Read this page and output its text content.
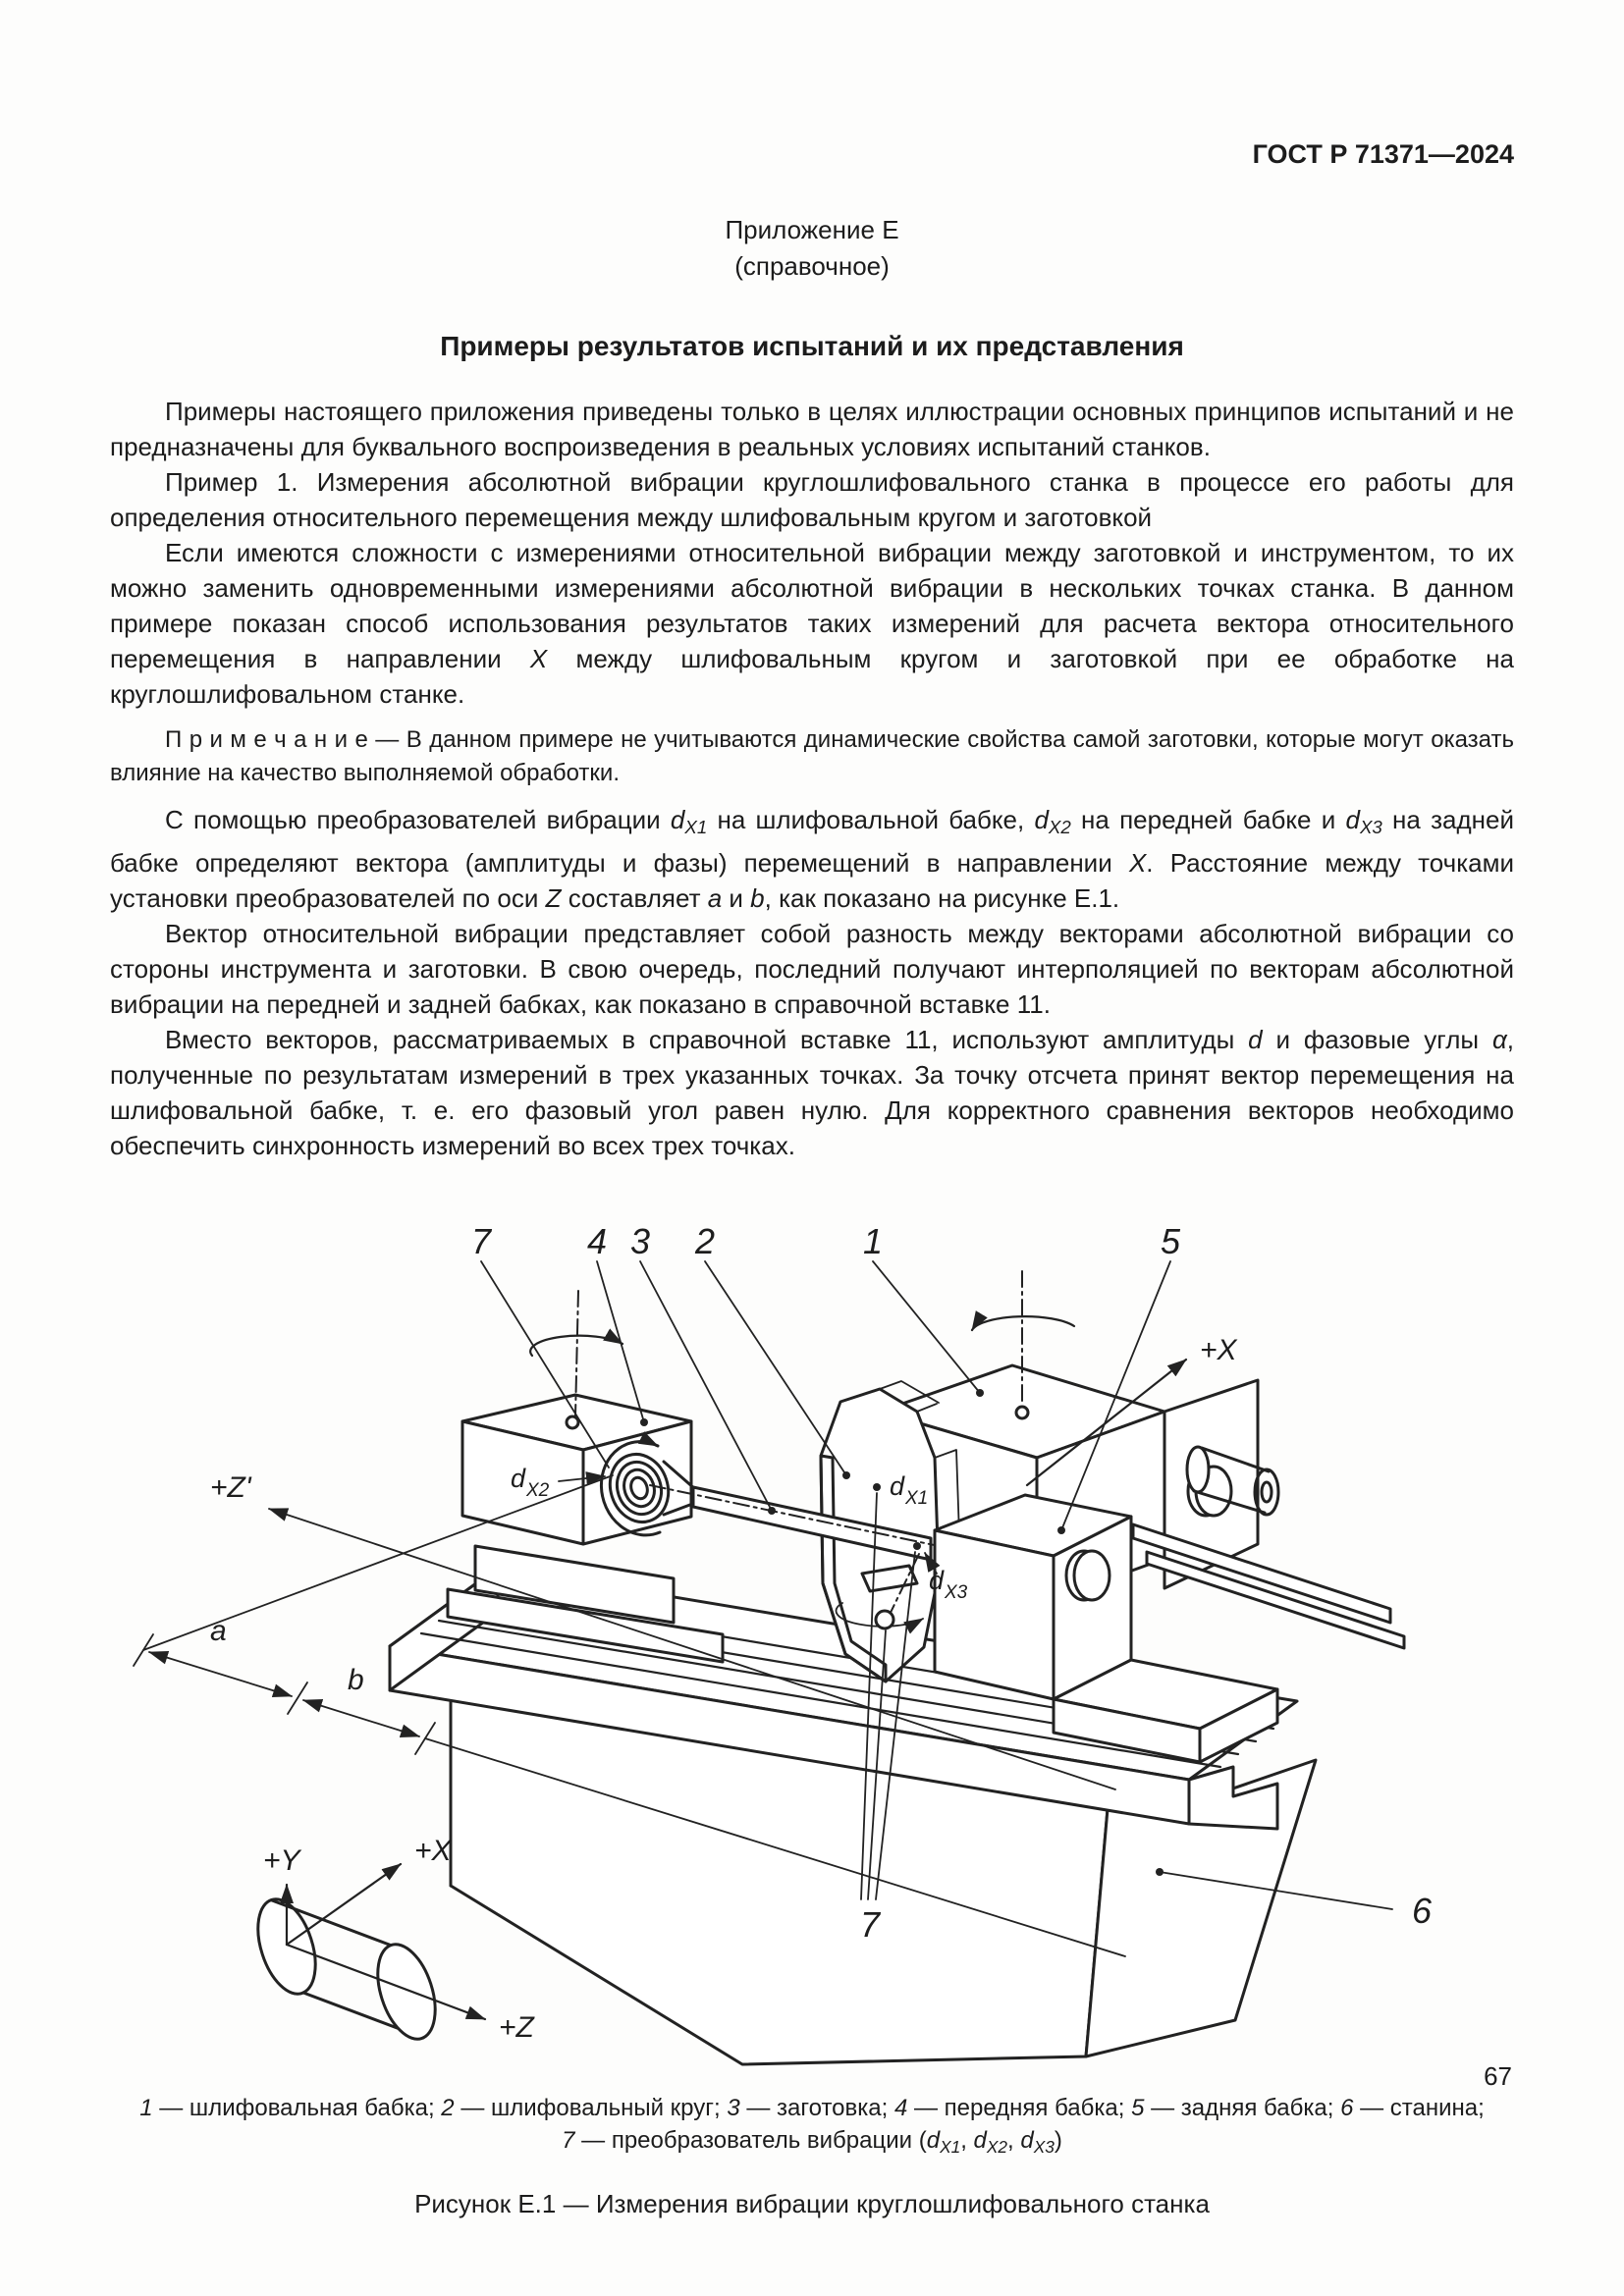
ГОСТ Р 71371—2024
Приложение Е
(справочное)
Примеры результатов испытаний и их представления

Примеры настоящего приложения приведены только в целях иллюстрации основных принципов испытаний и не предназначены для буквального воспроизведения в реальных условиях испытаний станков.

Пример 1. Измерения абсолютной вибрации круглошлифовального станка в процессе его работы для определения относительного перемещения между шлифовальным кругом и заготовкой

Если имеются сложности с измерениями относительной вибрации между заготовкой и инструментом, то их можно заменить одновременными измерениями абсолютной вибрации в нескольких точках станка. В данном примере показан способ использования результатов таких измерений для расчета вектора относительного перемещения в направлении X между шлифовальным кругом и заготовкой при ее обработке на круглошлифовальном станке.

П р и м е ч а н и е — В данном примере не учитываются динамические свойства самой заготовки, которые могут оказать влияние на качество выполняемой обработки.

С помощью преобразователей вибрации $d_{X1}$ на шлифовальной бабке, $d_{X2}$ на передней бабке и $d_{X3}$ на задней бабке определяют вектора (амплитуды и фазы) перемещений в направлении X. Расстояние между точками установки преобразователей по оси Z составляет a и b, как показано на рисунке Е.1.

Вектор относительной вибрации представляет собой разность между векторами абсолютной вибрации со стороны инструмента и заготовки. В свою очередь, последний получают интерполяцией по векторам абсолютной вибрации на передней и задней бабках, как показано в справочной вставке 11.

Вместо векторов, рассматриваемых в справочной вставке 11, используют амплитуды d и фазовые углы α, полученные по результатам измерений в трех указанных точках. За точку отсчета принят вектор перемещения на шлифовальной бабке, т. е. его фазовый угол равен нулю. Для корректного сравнения векторов необходимо обеспечить синхронность измерений во всех трех точках.

+X
+Z'
a
b
+Y	+X
+Z
d X2	d X1
d X3
7	4 3 2	1	5
6
7

1 — шлифовальная бабка; 2 — шлифовальный круг; 3 — заготовка; 4 — передняя бабка; 5 — задняя бабка; 6 — станина;

7 — преобразователь вибрации ($d_{X1}$, $d_{X2}$, $d_{X3}$)

Рисунок Е.1 — Измерения вибрации круглошлифовального станка
67
